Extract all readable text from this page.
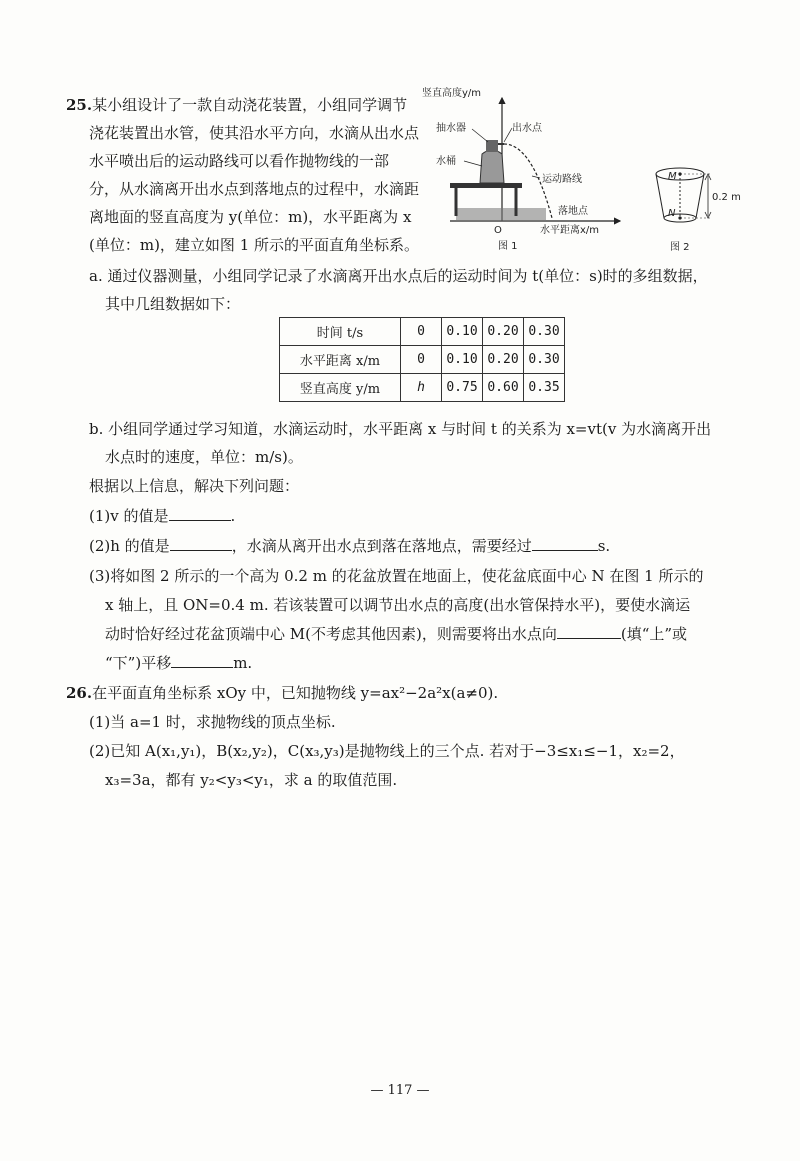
25.某小组设计了一款自动浇花装置，小组同学调节
浇花装置出水管，使其沿水平方向，水滴从出水点
水平喷出后的运动路线可以看作抛物线的一部
分，从水滴离开出水点到落地点的过程中，水滴距
离地面的竖直高度为 y(单位：m)，水平距离为 x
(单位：m)，建立如图 1 所示的平面直角坐标系。
竖直高度y/m
抽水器	出水点
水桶
运动路线
落地点
O	水平距离x/m
图 1
M
N
0.2 m
图 2
a. 通过仪器测量，小组同学记录了水滴离开出水点后的运动时间为 t(单位：s)时的多组数据，
其中几组数据如下：
时间 t/s	0	0.10	0.20	0.30
水平距离 x/m	0	0.10	0.20	0.30
竖直高度 y/m	h	0.75	0.60	0.35
b. 小组同学通过学习知道，水滴运动时，水平距离 x 与时间 t 的关系为 x=vt(v 为水滴离开出
水点时的速度，单位：m/s)。
根据以上信息，解决下列问题：
(1)v 的值是	.
(2)h 的值是	，水滴从离开出水点到落在落地点，需要经过	s.
(3)将如图 2 所示的一个高为 0.2 m 的花盆放置在地面上，使花盆底面中心 N 在图 1 所示的
x 轴上，且 ON=0.4 m. 若该装置可以调节出水点的高度(出水管保持水平)，要使水滴运
动时恰好经过花盆顶端中心 M(不考虑其他因素)，则需要将出水点向	(填“上”或
“下”)平移	m.
26.在平面直角坐标系 xOy 中，已知抛物线 y=ax²−2a²x(a≠0).
(1)当 a=1 时，求抛物线的顶点坐标.
(2)已知 A(x₁,y₁)，B(x₂,y₂)，C(x₃,y₃)是抛物线上的三个点. 若对于−3≤x₁≤−1，x₂=2，
x₃=3a，都有 y₂<y₃<y₁，求 a 的取值范围.
— 117 —
